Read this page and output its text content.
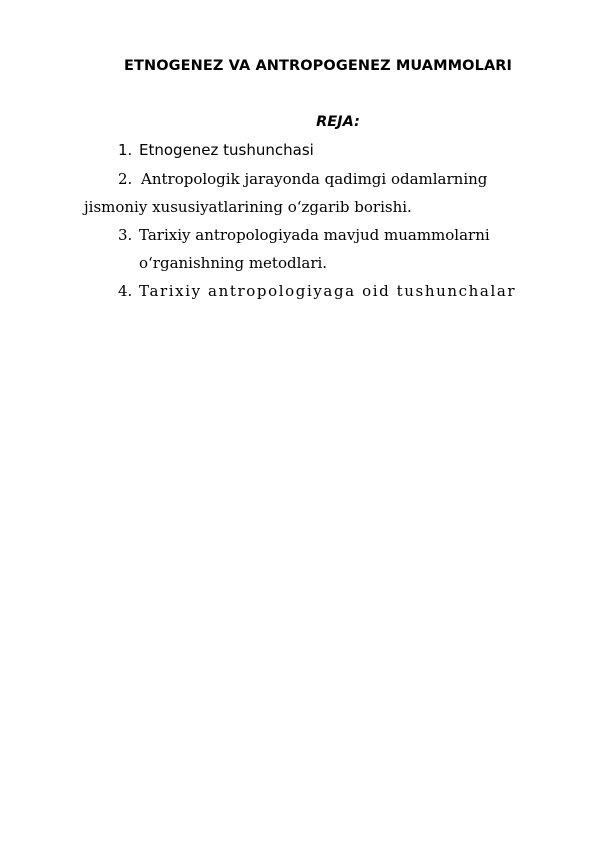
ETNOGENEZ VA ANTROPOGENEZ MUAMMOLARI
REJA:
1. Etnogenez tushunchasi
2. Antropologik jarayonda qadimgi odamlarning
jismoniy xususiyatlarining o‘zgarib borishi.
3. Tarixiy antropologiyada mavjud muammolarni
o‘rganishning metodlari.
4. Tarixiy antropologiyaga oid tushunchalar
